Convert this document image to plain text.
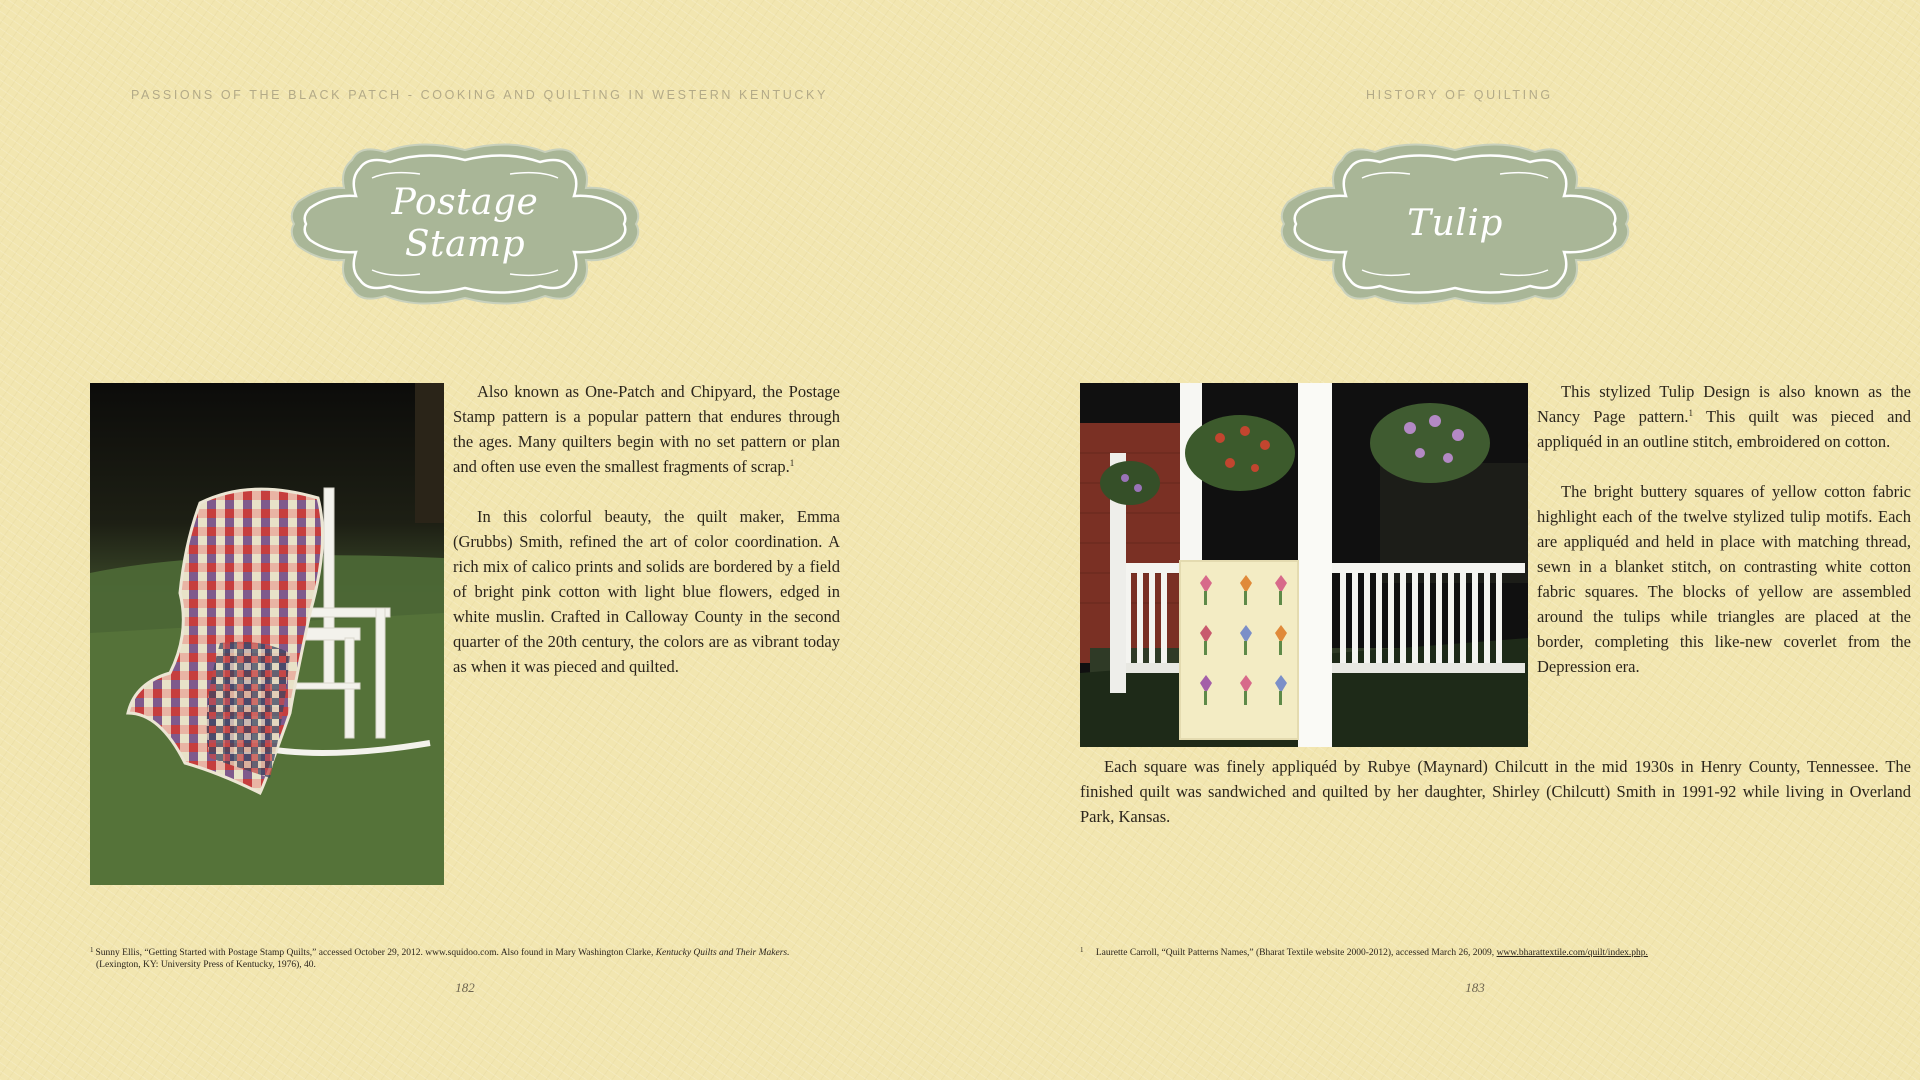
PASSIONS OF THE BLACK PATCH - COOKING AND QUILTING IN WESTERN KENTUCKY
Postage
Stamp

Also known as One-Patch and Chipyard, the Postage Stamp pattern is a popular pattern that endures through the ages. Many quilters begin with no set pattern or plan and often use even the smallest fragments of scrap.$^1$

In this colorful beauty, the quilt maker, Emma (Grubbs) Smith, refined the art of color coordination. A rich mix of calico prints and solids are bordered by a field of bright pink cotton with light blue flowers, edged in white muslin. Crafted in Calloway County in the second quarter of the 20th century, the colors are as vibrant today as when it was pieced and quilted.

$^1$ Sunny Ellis, “Getting Started with Postage Stamp Quilts,” accessed October 29, 2012. www.squidoo.com. Also found in Mary Washington Clarke, Kentucky Quilts and Their Makers.
(Lexington, KY: University Press of Kentucky, 1976), 40.
182
HISTORY OF QUILTING
Tulip

This stylized Tulip Design is also known as the Nancy Page pattern.$^1$ This quilt was pieced and appliquéd in an outline stitch, embroidered on cotton.

The bright buttery squares of yellow cotton fabric highlight each of the twelve stylized tulip motifs. Each are appliquéd and held in place with matching thread, sewn in a blanket stitch, on contrasting white cotton fabric squares. The blocks of yellow are assembled around the tulips while triangles are placed at the border, completing this like-new coverlet from the Depression era.

Each square was finely appliquéd by Rubye (Maynard) Chilcutt in the mid 1930s in Henry County, Tennessee. The finished quilt was sandwiched and quilted by her daughter, Shirley (Chilcutt) Smith in 1991-92 while living in Overland Park, Kansas.

$^1$ Laurette Carroll, “Quilt Patterns Names,” (Bharat Textile website 2000-2012), accessed March 26, 2009, www.bharattextile.com/quilt/index.php.
183
